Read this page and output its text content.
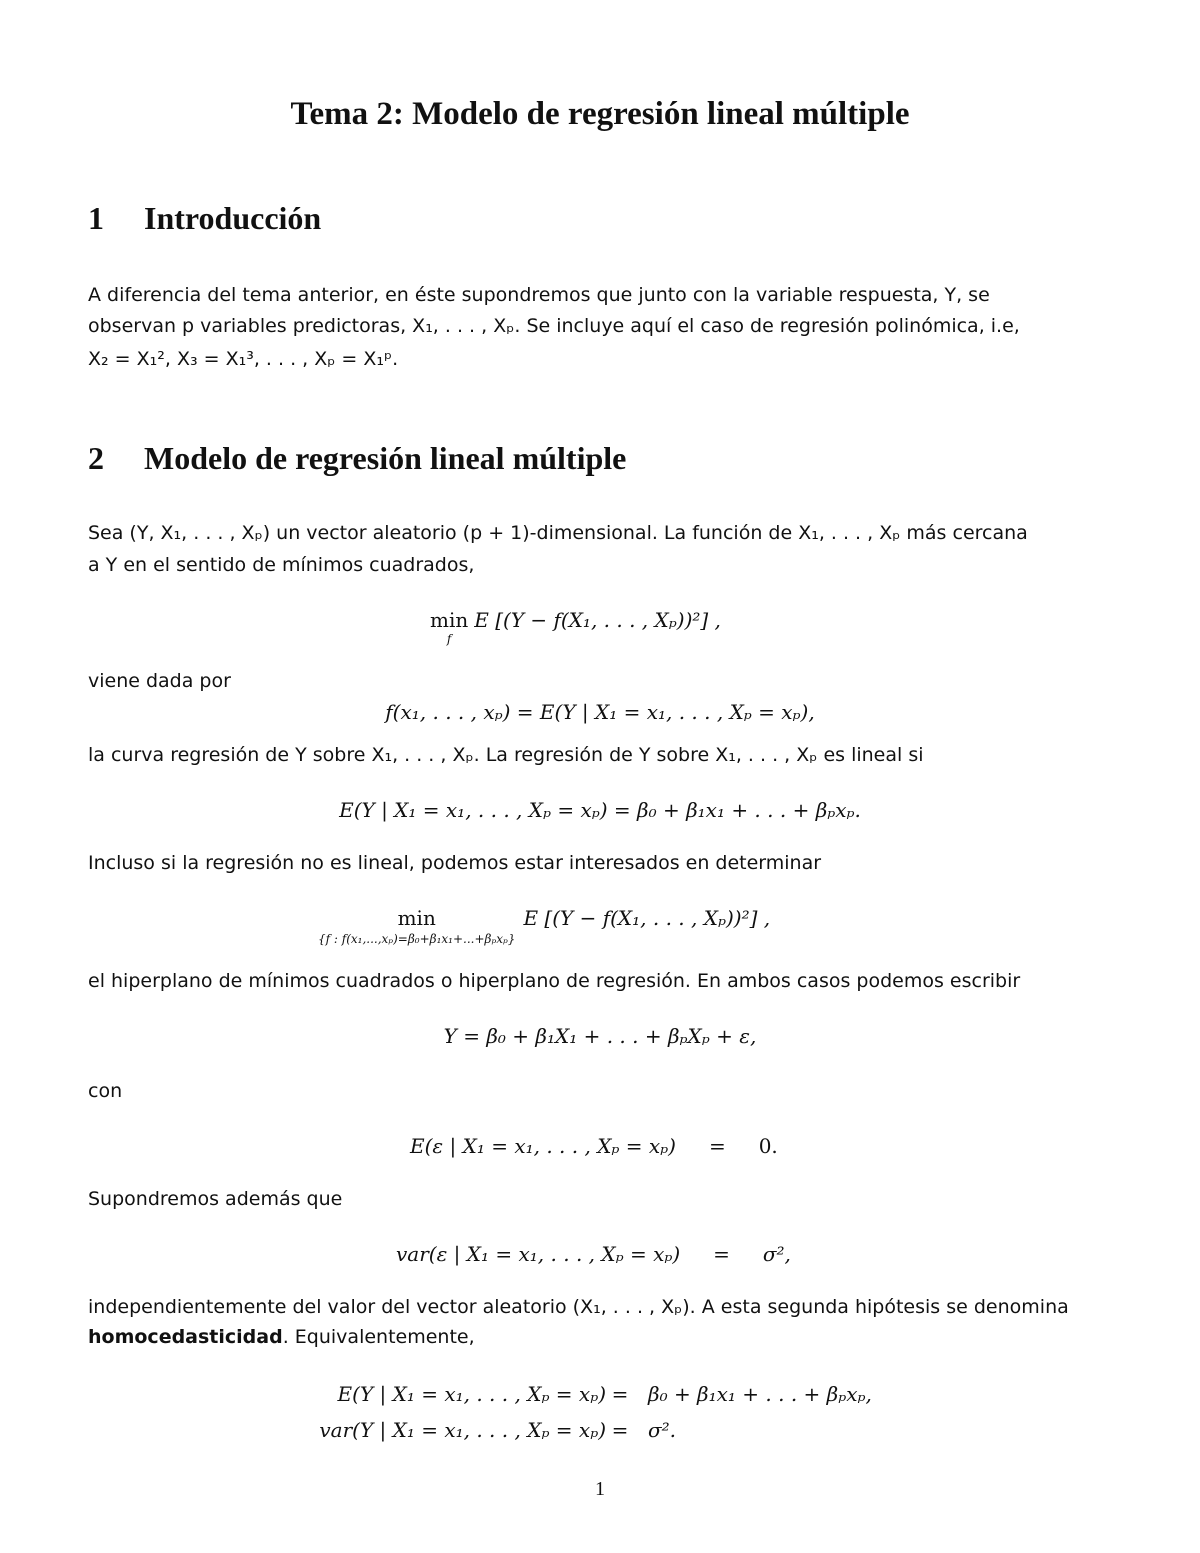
Tema 2: Modelo de regresión lineal múltiple
1 Introducción
A diferencia del tema anterior, en éste supondremos que junto con la variable respuesta, Y, se
observan p variables predictoras, X₁, . . . , Xₚ. Se incluye aquí el caso de regresión polinómica, i.e,
X₂ = X₁², X₃ = X₁³, . . . , Xₚ = X₁ᵖ.
2 Modelo de regresión lineal múltiple
Sea (Y, X₁, . . . , Xₚ) un vector aleatorio (p + 1)-dimensional. La función de X₁, . . . , Xₚ más cercana
a Y en el sentido de mínimos cuadrados,
min
$^f$E [(Y − f(X₁, . . . , Xₚ))²] ,
viene dada por
f(x₁, . . . , xₚ) = E(Y | X₁ = x₁, . . . , Xₚ = xₚ),
la curva regresión de Y sobre X₁, . . . , Xₚ. La regresión de Y sobre X₁, . . . , Xₚ es lineal si
E(Y | X₁ = x₁, . . . , Xₚ = xₚ) = β₀ + β₁x₁ + . . . + βₚxₚ.
Incluso si la regresión no es lineal, podemos estar interesados en determinar
min
$^{\{f : f(x_1,...,x_p)=\beta_0+\beta_1x_1+...+\beta_px_p\}}$E [(Y − f(X₁, . . . , Xₚ))²] ,
el hiperplano de mínimos cuadrados o hiperplano de regresión. En ambos casos podemos escribir
Y = β₀ + β₁X₁ + . . . + βₚXₚ + ε,
con
E(ε | X₁ = x₁, . . . , Xₚ = xₚ) = 0.
Supondremos además que
var(ε | X₁ = x₁, . . . , Xₚ = xₚ) = σ²,
independientemente del valor del vector aleatorio (X₁, . . . , Xₚ). A esta segunda hipótesis se denomina
homocedasticidad. Equivalentemente,
E(Y | X₁ = x₁, . . . , Xₚ = xₚ) = β₀ + β₁x₁ + . . . + βₚxₚ,
var(Y | X₁ = x₁, . . . , Xₚ = xₚ) = σ².
1
